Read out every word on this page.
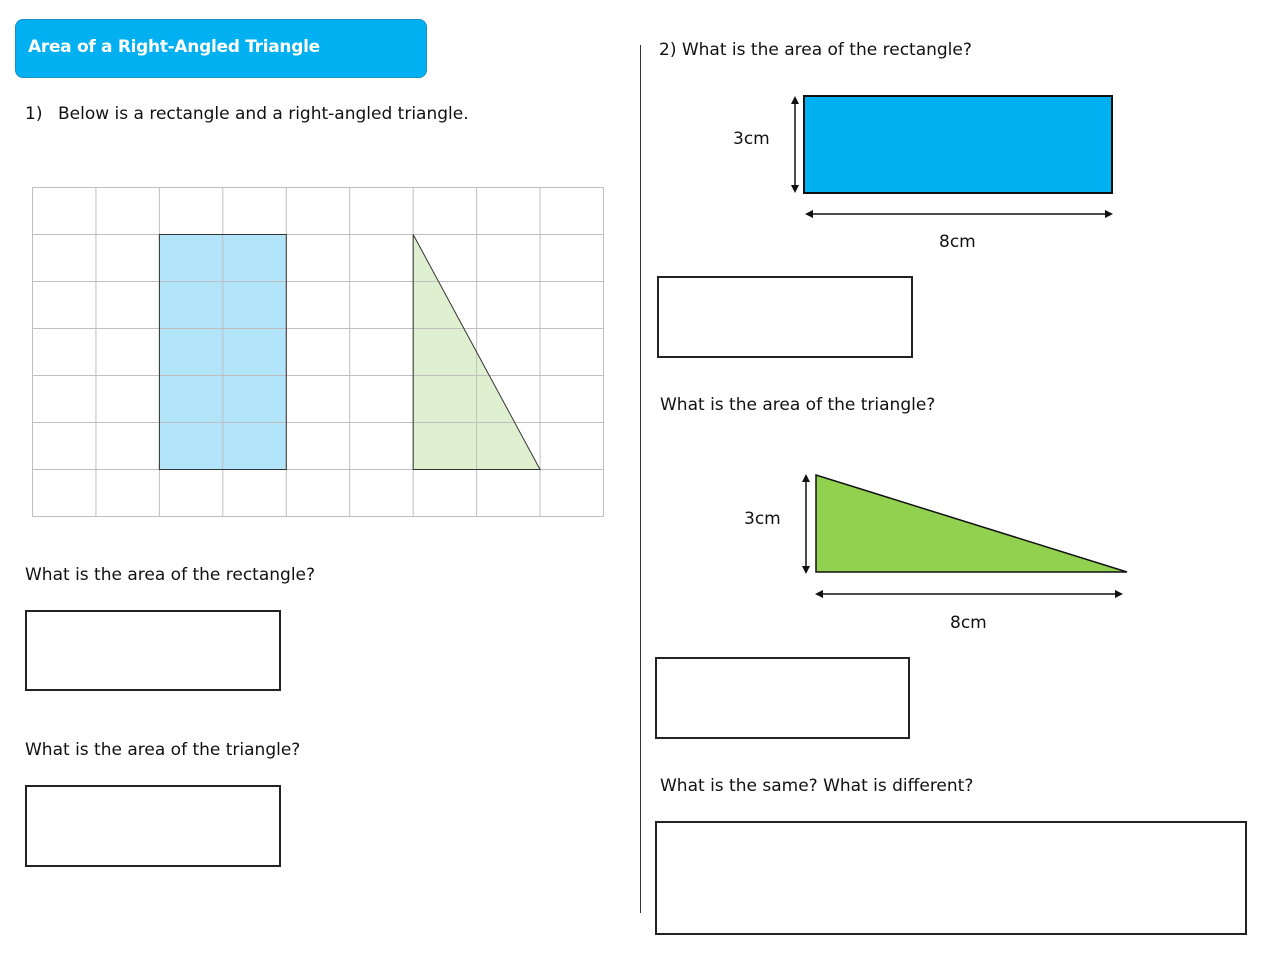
Area of a Right-Angled Triangle
1) Below is a rectangle and a right-angled triangle.
What is the area of the rectangle?
What is the area of the triangle?
2) What is the area of the rectangle?
3cm
8cm
What is the area of the triangle?
3cm
8cm
What is the same? What is different?
